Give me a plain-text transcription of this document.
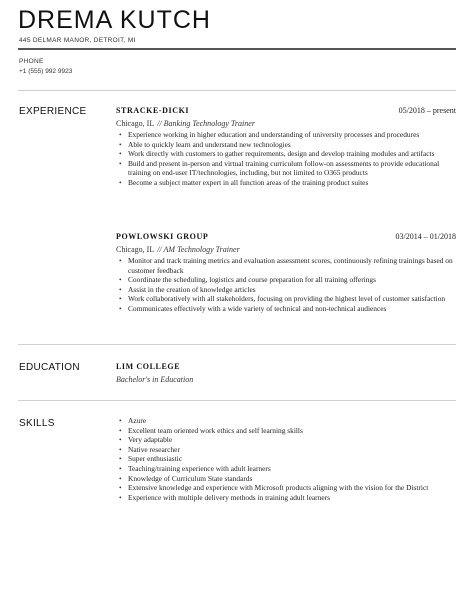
DREMA KUTCH
445 DELMAR MANOR, DETROIT, MI
PHONE
+1 (555) 992 9923
EXPERIENCE	STRACKE-DICKI	05/2018 – present
Chicago, IL // Banking Technology Trainer
• Experience working in higher education and understanding of university processes and procedures
• Able to quickly learn and understand new technologies
• Work directly with customers to gather requirements, design and develop training modules and artifacts
• Build and present in-person and virtual training curriculum follow-on assessments to provide educational training on end-user IT/technologies, including, but not limited to O365 products
• Become a subject matter expert in all function areas of the training product suites
POWLOWSKI GROUP	03/2014 – 01/2018
Chicago, IL // AM Technology Trainer
• Monitor and track training metrics and evaluation assessment scores, continuously refining trainings based on customer feedback
• Coordinate the scheduling, logistics and course preparation for all training offerings
• Assist in the creation of knowledge articles
• Work collaboratively with all stakeholders, focusing on providing the highest level of customer satisfaction
• Communicates effectively with a wide variety of technical and non-technical audiences
EDUCATION	LIM COLLEGE
Bachelor's in Education
SKILLS
•	Azure
• Excellent team oriented work ethics and self learning skills
• Very adaptable
• Native researcher
• Super enthusiastic
• Teaching/training experience with adult learners
• Knowledge of Curriculum State standards
• Extensive knowledge and experience with Microsoft products aligning with the vision for the District
• Experience with multiple delivery methods in training adult learners
